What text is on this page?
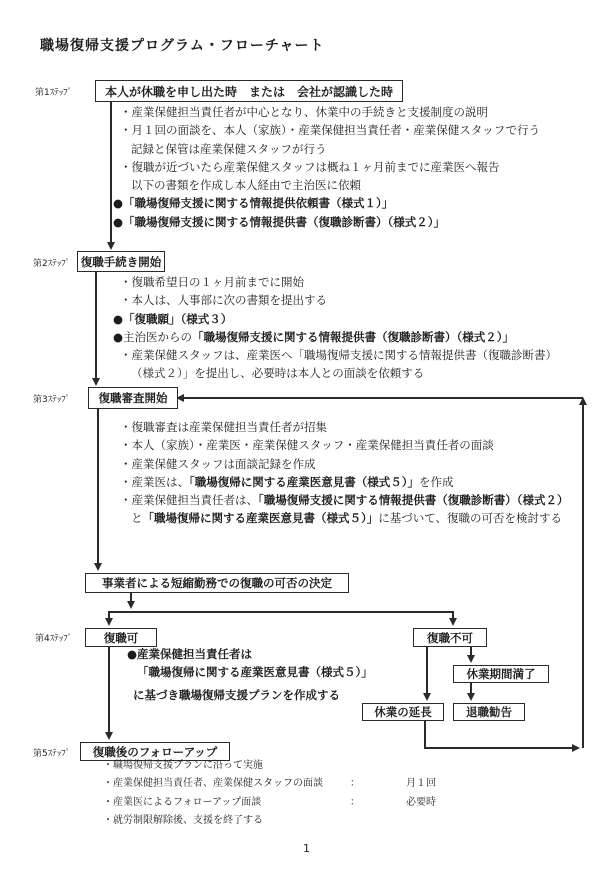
職場復帰支援プログラム・フローチャート
第1ｽﾃｯﾌﾟ
第2ｽﾃｯﾌﾟ
第3ｽﾃｯﾌﾟ
第4ｽﾃｯﾌﾟ
第5ｽﾃｯﾌﾟ
本人が休職を申し出た時　または　会社が認識した時
復職手続き開始
復職審査開始
事業者による短縮勤務での復職の可否の決定
復職可	復職不可
休業期間満了
退職勧告
休業の延長
復職後のフォローアップ
・産業保健担当責任者が中心となり、休業中の手続きと支援制度の説明
・月１回の面談を、本人（家族）・産業保健担当責任者・産業保健スタッフで行う
記録と保管は産業保健スタッフが行う
・復職が近づいたら産業保健スタッフは概ね１ヶ月前までに産業医へ報告
以下の書類を作成し本人経由で主治医に依頼
●「職場復帰支援に関する情報提供依頼書（様式１）」
●「職場復帰支援に関する情報提供書（復職診断書）（様式２）」
・復職希望日の１ヶ月前までに開始
・本人は、人事部に次の書類を提出する
●「復職願」（様式３）
●主治医からの「職場復帰支援に関する情報提供書（復職診断書）（様式２）」
・産業保健スタッフは、産業医へ「職場復帰支援に関する情報提供書（復職診断書）
（様式２）」を提出し、必要時は本人との面談を依頼する
・復職審査は産業保健担当責任者が招集
・本人（家族）・産業医・産業保健スタッフ・産業保健担当責任者の面談
・産業保健スタッフは面談記録を作成
・産業医は、「職場復帰に関する産業医意見書（様式５）」を作成
・産業保健担当責任者は、「職場復帰支援に関する情報提供書（復職診断書）（様式２）
と「職場復帰に関する産業医意見書（様式５）」に基づいて、復職の可否を検討する
●産業保健担当責任者は
「職場復帰に関する産業医意見書（様式５）」
に基づき職場復帰支援プランを作成する
・職場復帰支援プランに沿って実施
・産業保健担当責任者、産業保健スタッフの面談	：	月１回
・産業医によるフォローアップ面談	：	必要時
・就労制限解除後、支援を終了する
1
